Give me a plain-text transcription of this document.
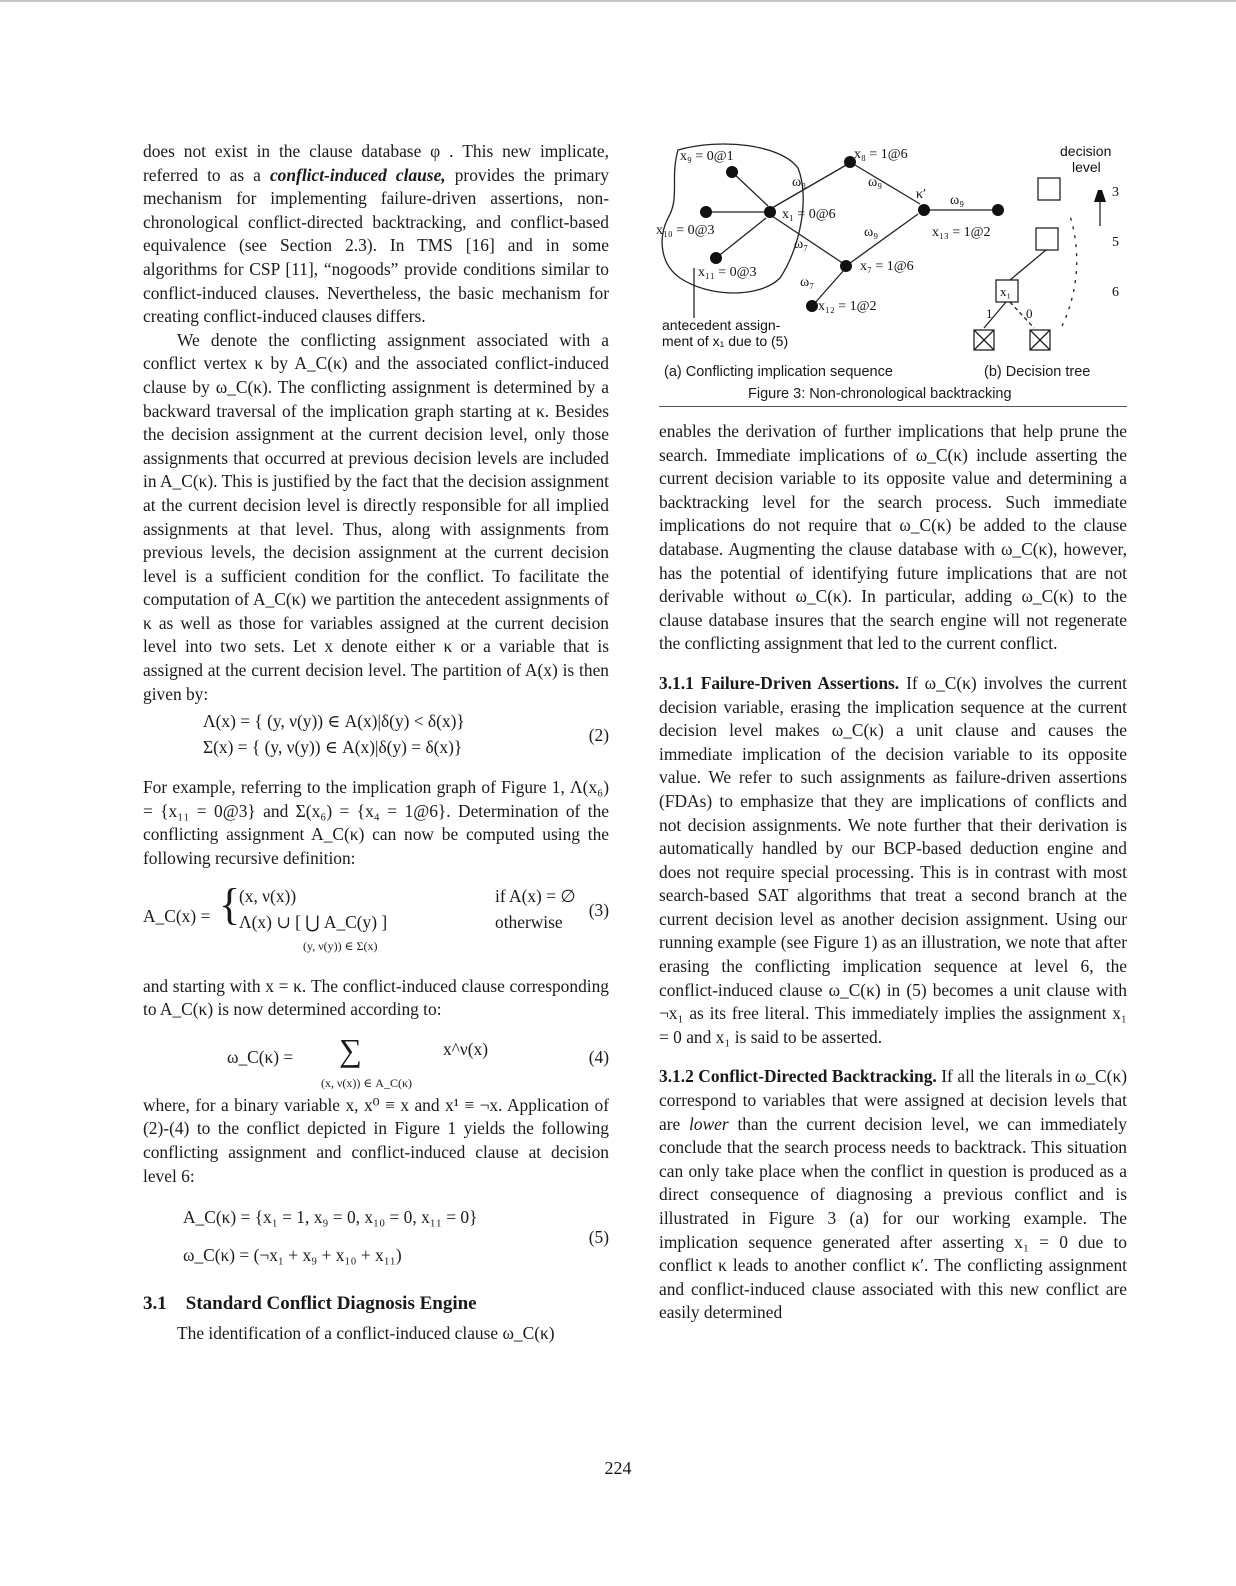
does not exist in the clause database φ . This new implicate, referred to as a conflict-induced clause, provides the primary mechanism for implementing failure-driven assertions, non-chronological conflict-directed backtracking, and conflict-based equivalence (see Section 2.3). In TMS [16] and in some algorithms for CSP [11], “nogoods” provide conditions similar to conflict-induced clauses. Nevertheless, the basic mechanism for creating conflict-induced clauses differs.

We denote the conflicting assignment associated with a conflict vertex κ by A_C(κ) and the associated conflict-induced clause by ω_C(κ). The conflicting assignment is determined by a backward traversal of the implication graph starting at κ. Besides the decision assignment at the current decision level, only those assignments that occurred at previous decision levels are included in A_C(κ). This is justified by the fact that the decision assignment at the current decision level is directly responsible for all implied assignments at that level. Thus, along with assignments from previous levels, the decision assignment at the current decision level is a sufficient condition for the conflict. To facilitate the computation of A_C(κ) we partition the antecedent assignments of κ as well as those for variables assigned at the current decision level into two sets. Let x denote either κ or a variable that is assigned at the current decision level. The partition of A(x) is then given by:

Λ(x) = { (y, ν(y)) ∈ A(x)|δ(y) < δ(x)}
Σ(x) = { (y, ν(y)) ∈ A(x)|δ(y) = δ(x)}
(2)

For example, referring to the implication graph of Figure 1, Λ(x₆) = {x₁₁ = 0@3} and Σ(x₆) = {x₄ = 1@6}. Determination of the conflicting assignment A_C(κ) can now be computed using the following recursive definition:

A_C(x) = {
(x, ν(x))	if A(x) = ∅
Λ(x) ∪ [ ⋃ A_C(y) ]
(y, ν(y)) ∈ Σ(x)
otherwise
(3)

and starting with x = κ. The conflict-induced clause corresponding to A_C(κ) is now determined according to:

ω_C(κ) = ∑	x^ν(x)
(x, ν(x)) ∈ A_C(κ)
(4)

where, for a binary variable x, x⁰ ≡ x and x¹ ≡ ¬x. Application of (2)-(4) to the conflict depicted in Figure 1 yields the following conflicting assignment and conflict-induced clause at decision level 6:

A_C(κ) = {x₁ = 1, x₉ = 0, x₁₀ = 0, x₁₁ = 0}
ω_C(κ) = (¬x₁ + x₉ + x₁₀ + x₁₁)
(5)
3.1 Standard Conflict Diagnosis Engine

The identification of a conflict-induced clause ω_C(κ)

x₉ = 0@1	x₈ = 1@6
x₁ = 0@6
x₁₀ = 0@3
x₁₁ = 0@3	x₇ = 1@6
x₁₃ = 1@2
x₁₂ = 1@2
κ′
ω₈	ω₉
ω₉
ω₇
ω₇
ω₉
3
5
6
x₁
1	0
antecedent assign-
ment of x₁ due to (5)
decision
level
(a) Conflicting implication sequence	(b) Decision tree
Figure 3: Non-chronological backtracking

enables the derivation of further implications that help prune the search. Immediate implications of ω_C(κ) include asserting the current decision variable to its opposite value and determining a backtracking level for the search process. Such immediate implications do not require that ω_C(κ) be added to the clause database. Augmenting the clause database with ω_C(κ), however, has the potential of identifying future implications that are not derivable without ω_C(κ). In particular, adding ω_C(κ) to the clause database insures that the search engine will not regenerate the conflicting assignment that led to the current conflict.

3.1.1 Failure-Driven Assertions. If ω_C(κ) involves the current decision variable, erasing the implication sequence at the current decision level makes ω_C(κ) a unit clause and causes the immediate implication of the decision variable to its opposite value. We refer to such assignments as failure-driven assertions (FDAs) to emphasize that they are implications of conflicts and not decision assignments. We note further that their derivation is automatically handled by our BCP-based deduction engine and does not require special processing. This is in contrast with most search-based SAT algorithms that treat a second branch at the current decision level as another decision assignment. Using our running example (see Figure 1) as an illustration, we note that after erasing the conflicting implication sequence at level 6, the conflict-induced clause ω_C(κ) in (5) becomes a unit clause with ¬x₁ as its free literal. This immediately implies the assignment x₁ = 0 and x₁ is said to be asserted.

3.1.2 Conflict-Directed Backtracking. If all the literals in ω_C(κ) correspond to variables that were assigned at decision levels that are lower than the current decision level, we can immediately conclude that the search process needs to backtrack. This situation can only take place when the conflict in question is produced as a direct consequence of diagnosing a previous conflict and is illustrated in Figure 3 (a) for our working example. The implication sequence generated after asserting x₁ = 0 due to conflict κ leads to another conflict κ′. The conflicting assignment and conflict-induced clause associated with this new conflict are easily determined

224
